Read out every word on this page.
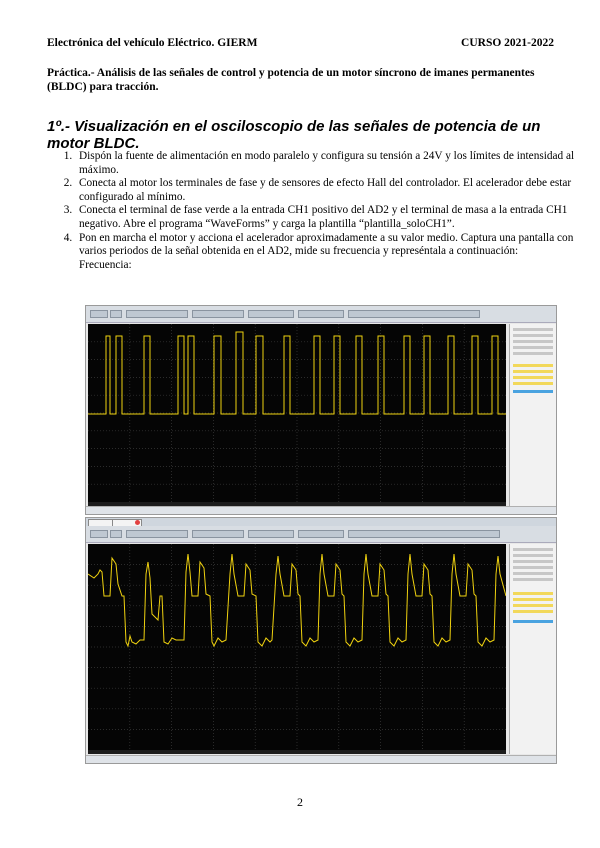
Electrónica del vehículo Eléctrico. GIERM	CURSO 2021-2022
Práctica.- Análisis de las señales de control y potencia de un motor síncrono de imanes permanentes (BLDC) para tracción.
1º.- Visualización en el osciloscopio de las señales de potencia de un motor BLDC.
1. Dispón la fuente de alimentación en modo paralelo y configura su tensión a 24V y los límites de intensidad al máximo.
2. Conecta al motor los terminales de fase y de sensores de efecto Hall del controlador. El acelerador debe estar configurado al mínimo.
3. Conecta el terminal de fase verde a la entrada CH1 positivo del AD2 y el terminal de masa a la entrada CH1 negativo. Abre el programa “WaveForms” y carga la plantilla “plantilla_soloCH1”.
4. Pon en marcha el motor y acciona el acelerador aproximadamente a su valor medio. Captura una pantalla con varios periodos de la señal obtenida en el AD2, mide su frecuencia y represéntala a continuación:
Frecuencia:
2
